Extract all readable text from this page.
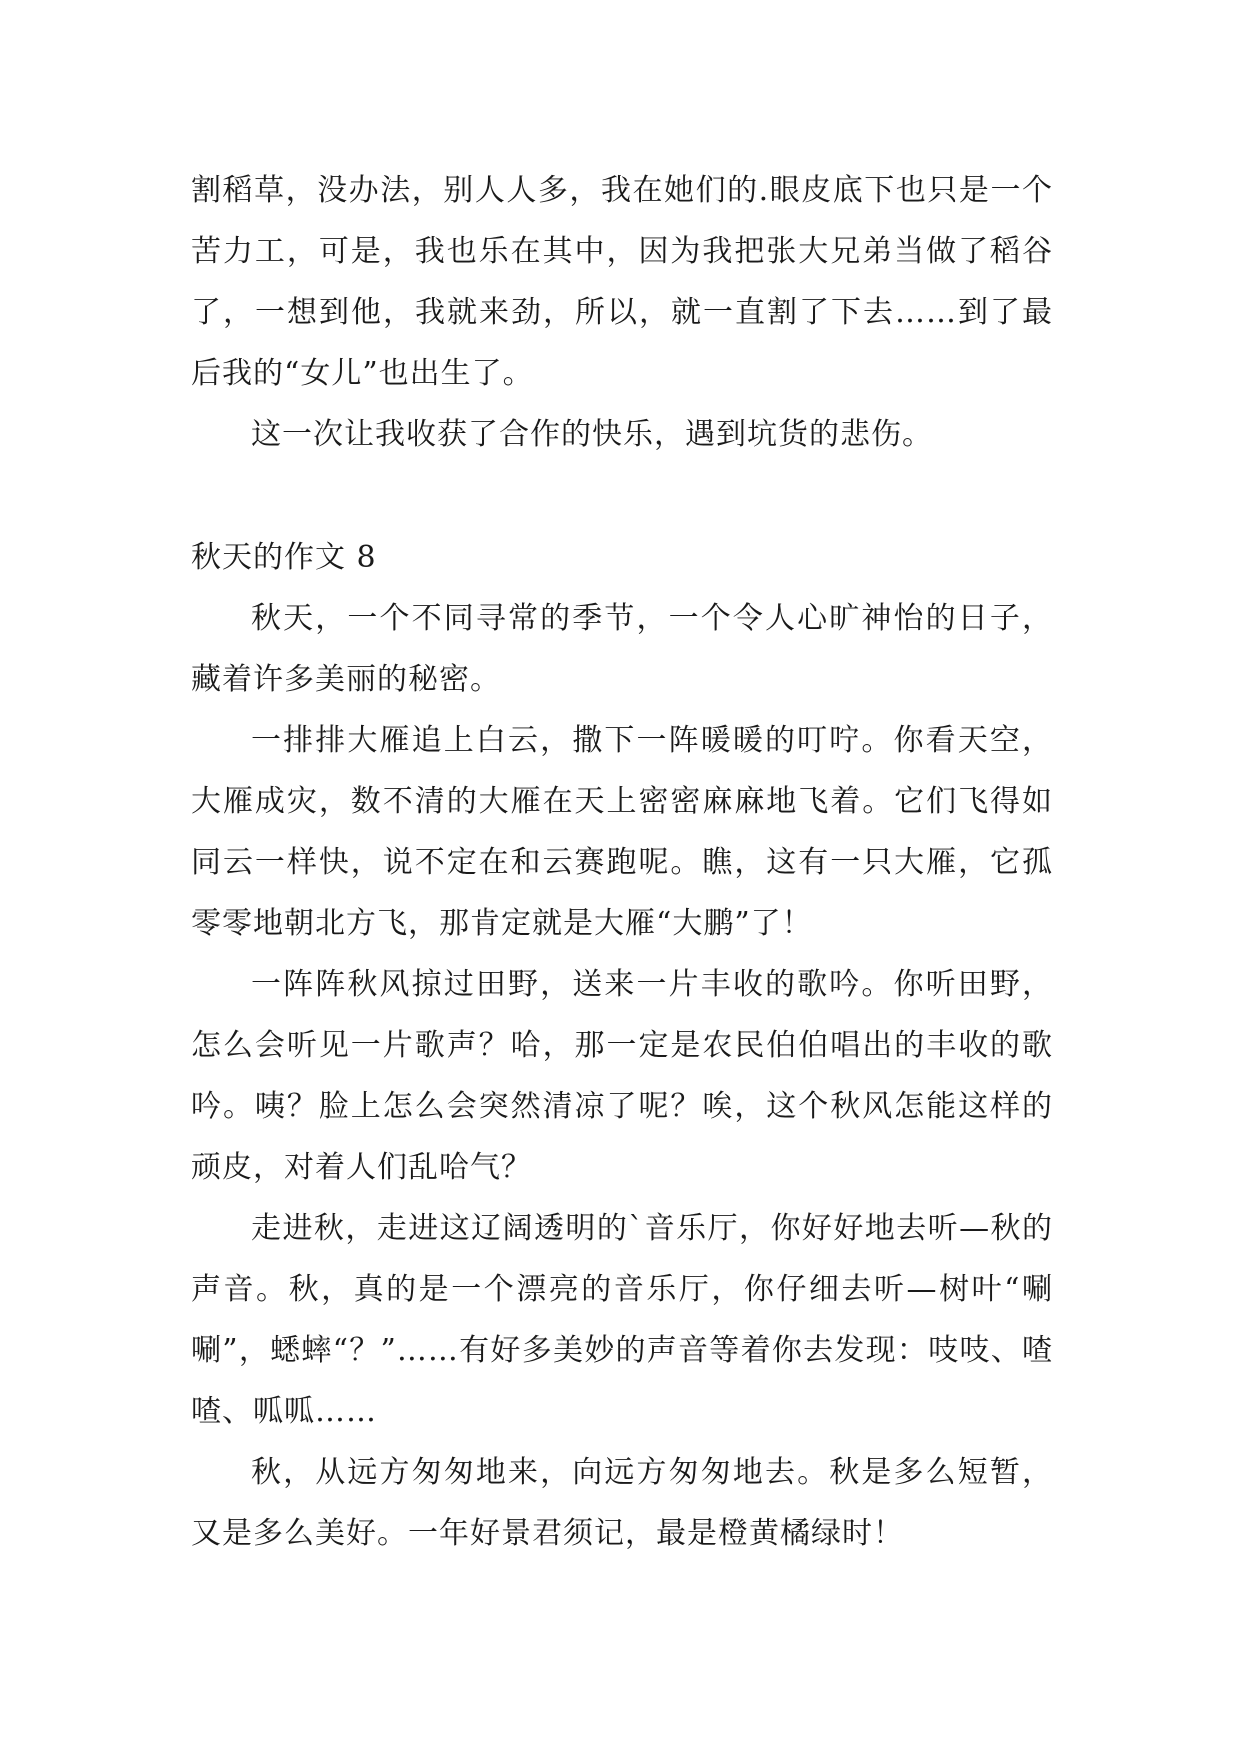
割稻草，没办法，别人人多，我在她们的.眼皮底下也只是一个苦力工，可是，我也乐在其中，因为我把张大兄弟当做了稻谷了，一想到他，我就来劲，所以，就一直割了下去……到了最后我的“女儿”也出生了。

这一次让我收获了合作的快乐，遇到坑货的悲伤。

秋天的作文 8

秋天，一个不同寻常的季节，一个令人心旷神怡的日子，藏着许多美丽的秘密。

一排排大雁追上白云，撒下一阵暖暖的叮咛。你看天空，大雁成灾，数不清的大雁在天上密密麻麻地飞着。它们飞得如同云一样快，说不定在和云赛跑呢。瞧，这有一只大雁，它孤零零地朝北方飞，那肯定就是大雁“大鹏”了！

一阵阵秋风掠过田野，送来一片丰收的歌吟。你听田野，怎么会听见一片歌声？哈，那一定是农民伯伯唱出的丰收的歌吟。咦？脸上怎么会突然清凉了呢？唉，这个秋风怎能这样的顽皮，对着人们乱哈气？

走进秋，走进这辽阔透明的`音乐厅，你好好地去听—秋的声音。秋，真的是一个漂亮的音乐厅，你仔细去听—树叶“唰唰”，蟋蟀“？”……有好多美妙的声音等着你去发现：吱吱、喳喳、呱呱……

秋，从远方匆匆地来，向远方匆匆地去。秋是多么短暂，又是多么美好。一年好景君须记，最是橙黄橘绿时！
